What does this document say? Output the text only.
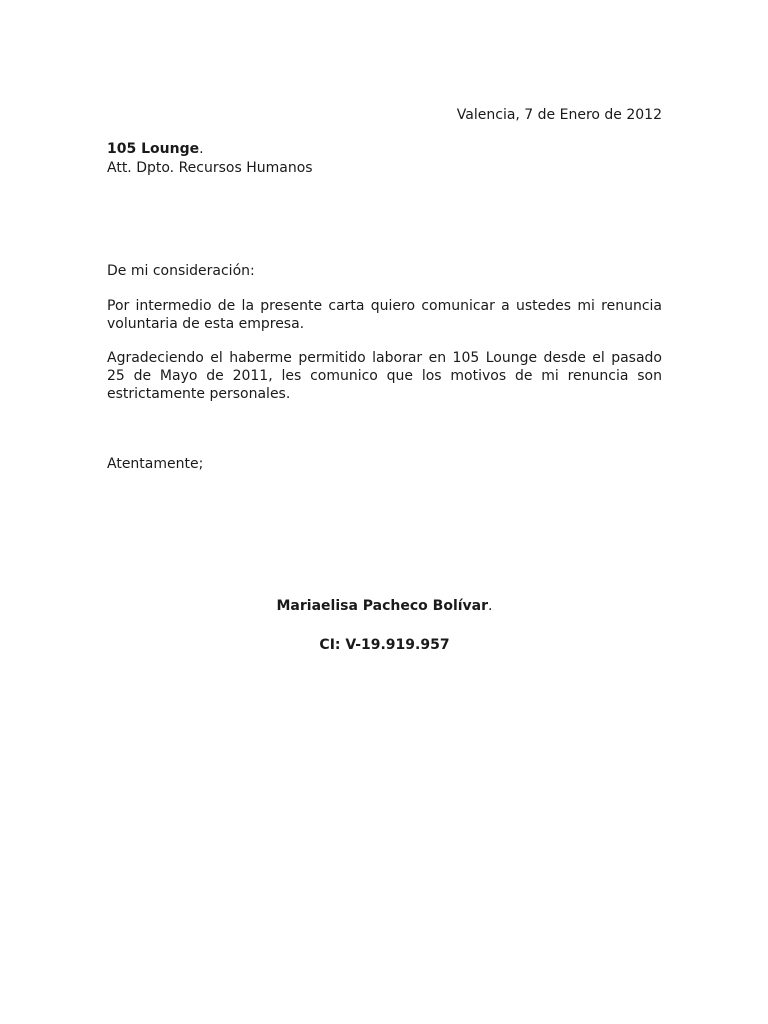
Valencia, 7 de Enero de 2012
105 Lounge.
Att. Dpto. Recursos Humanos
De mi consideración:

Por intermedio de la presente carta quiero comunicar a ustedes mi renuncia voluntaria de esta empresa.

Agradeciendo el haberme permitido laborar en 105 Lounge desde el pasado 25 de Mayo de 2011, les comunico que los motivos de mi renuncia son estrictamente personales.

Atentamente;
Mariaelisa Pacheco Bolívar.
CI: V-19.919.957
